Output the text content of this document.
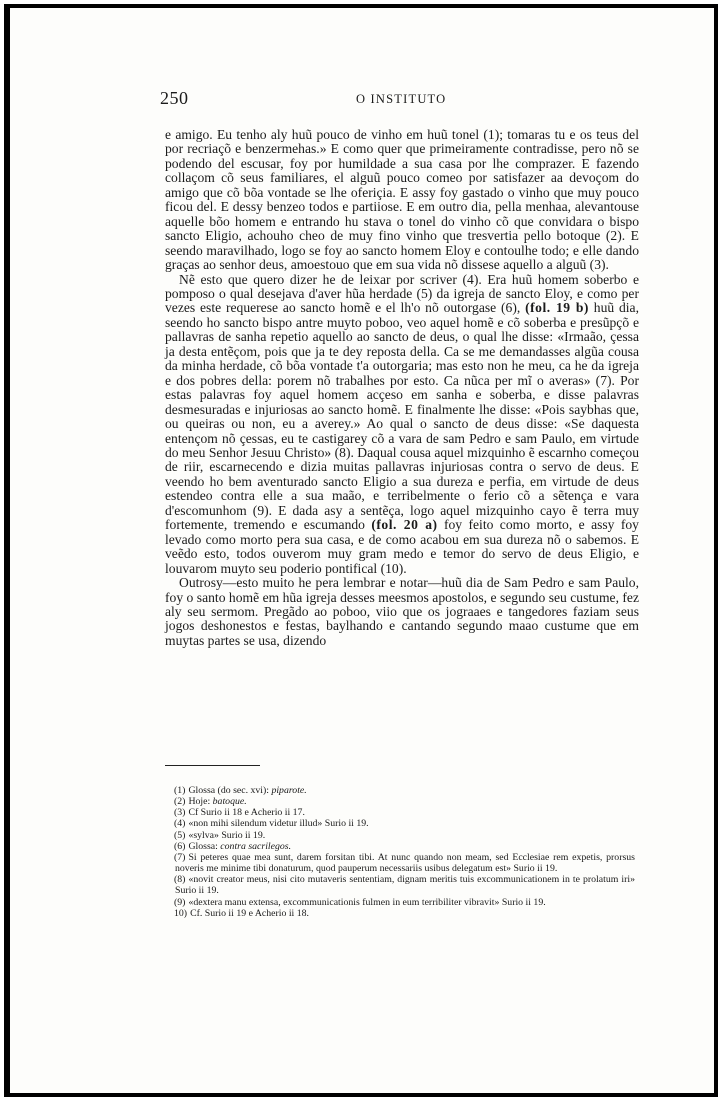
250	O INSTITUTO

e amigo. Eu tenho aly huũ pouco de vinho em huũ tonel (1); tomaras tu e os teus del por recriaçõ e benzermehas.» E como quer que primeiramente contradisse, pero nõ se podendo del escusar, foy por humildade a sua casa por lhe comprazer. E fazendo collaçom cõ seus familiares, el alguũ pouco comeo por satisfazer aa devoçom do amigo que cõ bõa vontade se lhe oferiçia. E assy foy gastado o vinho que muy pouco ficou del. E dessy benzeo todos e partiiose. E em outro dia, pella menhaa, alevantouse aquelle bõo homem e entrando hu stava o tonel do vinho cõ que convidara o bispo sancto Eligio, achouho cheo de muy fino vinho que tresvertia pello botoque (2). E seendo maravilhado, logo se foy ao sancto homem Eloy e contoulhe todo; e elle dando graças ao senhor deus, amoestouo que em sua vida nõ dissese aquello a alguũ (3).

Nẽ esto que quero dizer he de leixar por scriver (4). Era huũ homem soberbo e pomposo o qual desejava d'aver hũa herdade (5) da igreja de sancto Eloy, e como per vezes este requerese ao sancto homẽ e el lh'o nõ outorgase (6), (fol. 19 b) huũ dia, seendo ho sancto bispo antre muyto poboo, veo aquel homẽ e cõ soberba e presũpçõ e pallavras de sanha repetio aquello ao sancto de deus, o qual lhe disse: «Irmaão, çessa ja desta entẽçom, pois que ja te dey reposta della. Ca se me demandasses algũa cousa da minha herdade, cõ bõa vontade t'a outorgaria; mas esto non he meu, ca he da igreja e dos pobres della: porem nõ trabalhes por esto. Ca nũca per mĩ o averas» (7). Por estas palavras foy aquel homem acçeso em sanha e soberba, e disse palavras desmesuradas e injuriosas ao sancto homẽ. E finalmente lhe disse: «Pois saybhas que, ou queiras ou non, eu a averey.» Ao qual o sancto de deus disse: «Se daquesta entençom nõ çessas, eu te castigarey cõ a vara de sam Pedro e sam Paulo, em virtude do meu Senhor Jesuu Christo» (8). Daqual cousa aquel mizquinho ẽ escarnho começou de riir, escarnecendo e dizia muitas pallavras injuriosas contra o servo de deus. E veendo ho bem aventurado sancto Eligio a sua dureza e perfia, em virtude de deus estendeo contra elle a sua maão, e terribelmente o ferio cõ a sẽtença e vara d'escomunhom (9). E dada asy a sentẽça, logo aquel mizquinho cayo ẽ terra muy fortemente, tremendo e escumando (fol. 20 a) foy feito como morto, e assy foy levado como morto pera sua casa, e de como acabou em sua dureza nõ o sabemos. E veẽdo esto, todos ouverom muy gram medo e temor do servo de deus Eligio, e louvarom muyto seu poderio pontifical (10).

Outrosy—esto muito he pera lembrar e notar—huũ dia de Sam Pedro e sam Paulo, foy o santo homẽ em hũa igreja desses meesmos apostolos, e segundo seu custume, fez aly seu sermom. Pregãdo ao poboo, viio que os jograaes e tangedores faziam seus jogos deshonestos e festas, baylhando e cantando segundo maao custume que em muytas partes se usa, dizendo

(1) Glossa (do sec. xvi): piparote.

(2) Hoje: batoque.

(3) Cf Surio ii 18 e Acherio ii 17.

(4) «non mihi silendum videtur illud» Surio ii 19.

(5) «sylva» Surio ii 19.

(6) Glossa: contra sacrilegos.

(7) Si peteres quae mea sunt, darem forsitan tibi. At nunc quando non meam, sed Ecclesiae rem expetis, prorsus noveris me minime tibi donaturum, quod pauperum necessariis usibus delegatum est» Surio ii 19.

(8) «novit creator meus, nisi cito mutaveris sententiam, dignam meritis tuis excommunicationem in te prolatum iri» Surio ii 19.

(9) «dextera manu extensa, excommunicationis fulmen in eum terribiliter vibravit» Surio ii 19.

10) Cf. Surio ii 19 e Acherio ii 18.
